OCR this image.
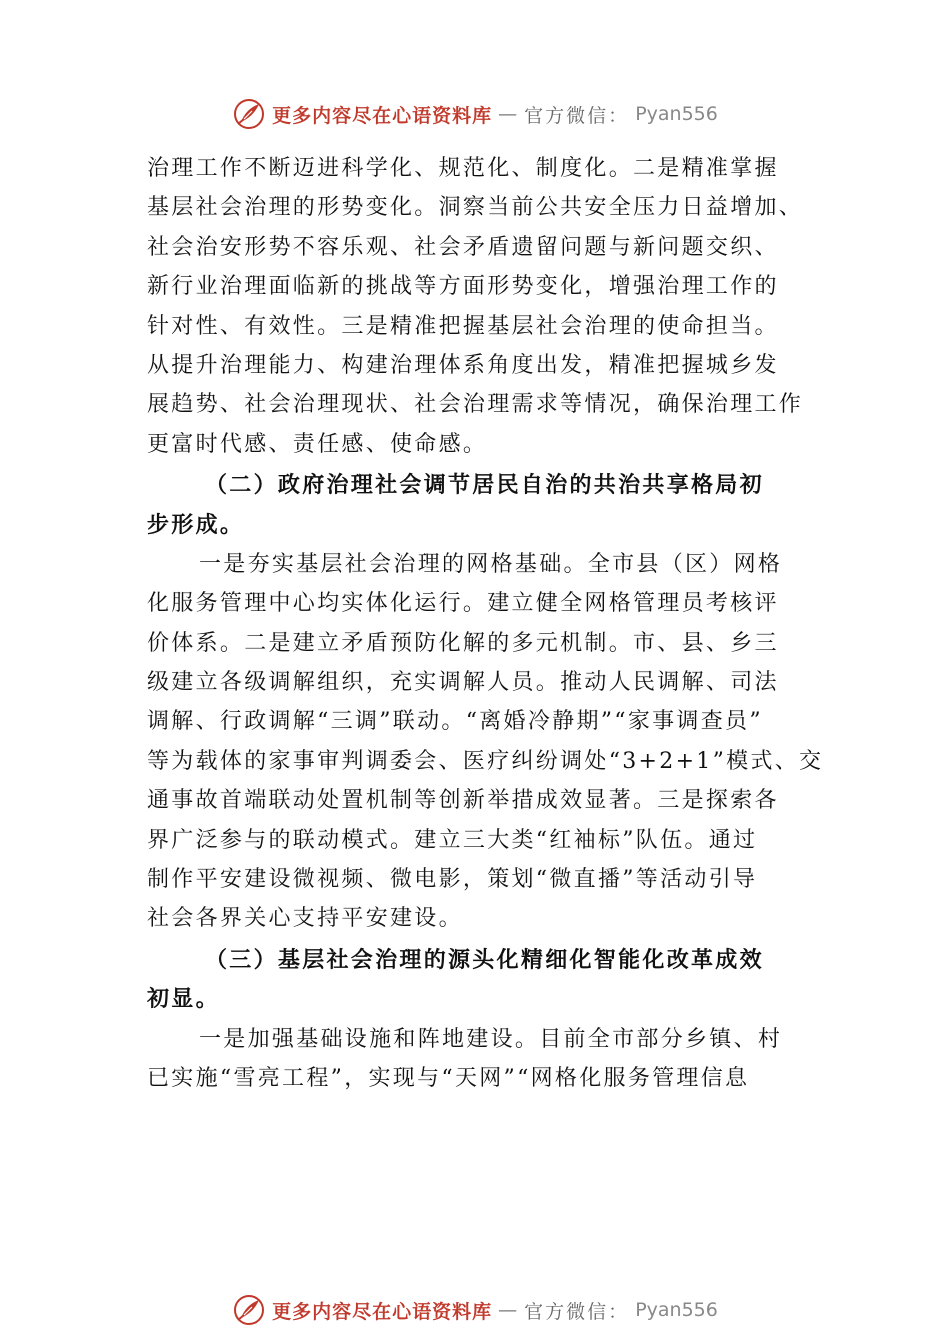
更多内容尽在心语资料库 — 官方微信： Pyan556
治理工作不断迈进科学化、规范化、制度化。二是精准掌握
基层社会治理的形势变化。洞察当前公共安全压力日益增加、
社会治安形势不容乐观、社会矛盾遗留问题与新问题交织、
新行业治理面临新的挑战等方面形势变化，增强治理工作的
针对性、有效性。三是精准把握基层社会治理的使命担当。
从提升治理能力、构建治理体系角度出发，精准把握城乡发
展趋势、社会治理现状、社会治理需求等情况，确保治理工作
更富时代感、责任感、使命感。
（二）政府治理社会调节居民自治的共治共享格局初
步形成。
一是夯实基层社会治理的网格基础。全市县（区）网格
化服务管理中心均实体化运行。建立健全网格管理员考核评
价体系。二是建立矛盾预防化解的多元机制。市、县、乡三
级建立各级调解组织，充实调解人员。推动人民调解、司法
调解、行政调解“三调”联动。“离婚冷静期”“家事调查员”
等为载体的家事审判调委会、医疗纠纷调处“3+2+1”模式、交
通事故首端联动处置机制等创新举措成效显著。三是探索各
界广泛参与的联动模式。建立三大类“红袖标”队伍。通过
制作平安建设微视频、微电影，策划“微直播”等活动引导
社会各界关心支持平安建设。
（三）基层社会治理的源头化精细化智能化改革成效
初显。
一是加强基础设施和阵地建设。目前全市部分乡镇、村
已实施“雪亮工程”，实现与“天网”“网格化服务管理信息
更多内容尽在心语资料库 — 官方微信： Pyan556
